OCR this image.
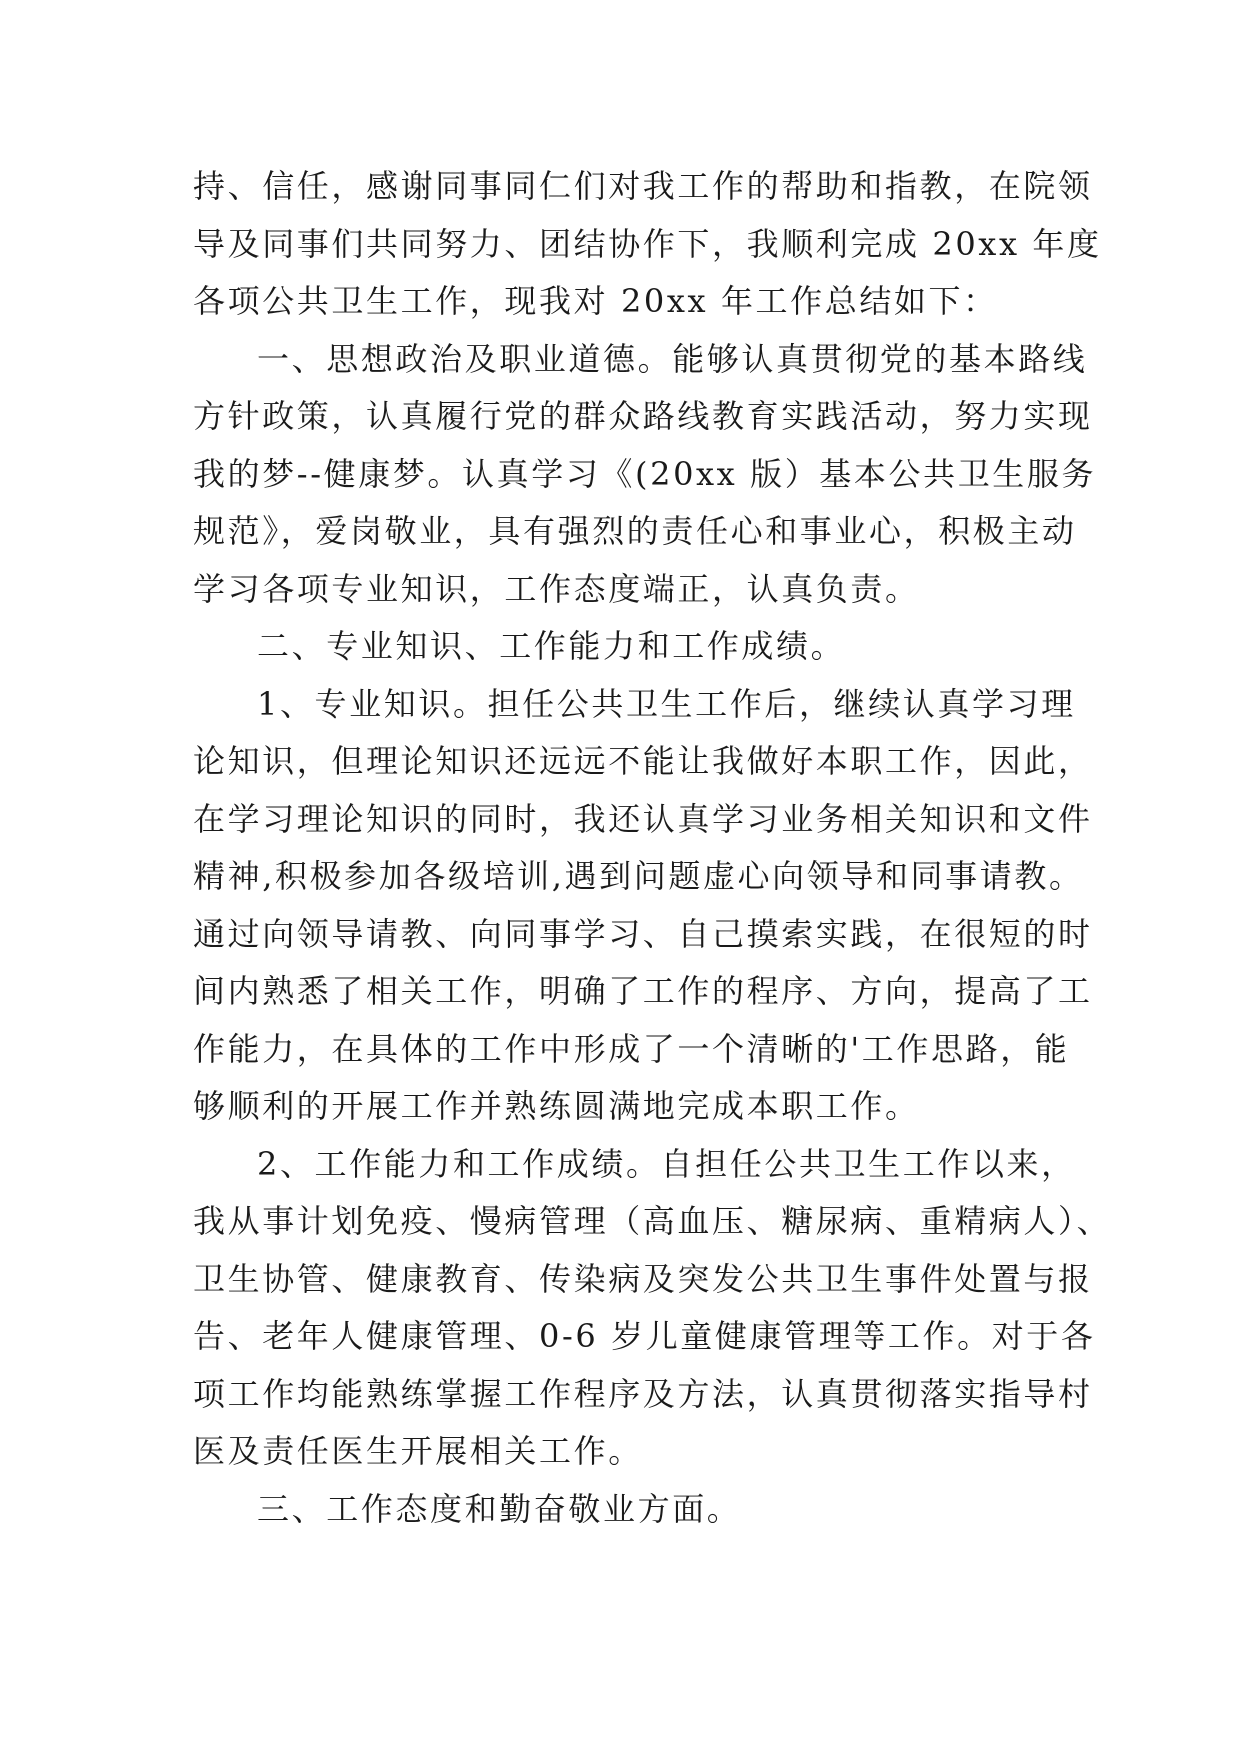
持、信任，感谢同事同仁们对我工作的帮助和指教，在院领
导及同事们共同努力、团结协作下，我顺利完成 20xx 年度
各项公共卫生工作，现我对 20xx 年工作总结如下：
一、思想政治及职业道德。能够认真贯彻党的基本路线
方针政策，认真履行党的群众路线教育实践活动，努力实现
我的梦--健康梦。认真学习《(20xx 版）基本公共卫生服务
规范》，爱岗敬业，具有强烈的责任心和事业心，积极主动
学习各项专业知识，工作态度端正，认真负责。
二、专业知识、工作能力和工作成绩。
1、专业知识。担任公共卫生工作后，继续认真学习理
论知识，但理论知识还远远不能让我做好本职工作，因此，
在学习理论知识的同时，我还认真学习业务相关知识和文件
精神,积极参加各级培训,遇到问题虚心向领导和同事请教。
通过向领导请教、向同事学习、自己摸索实践，在很短的时
间内熟悉了相关工作，明确了工作的程序、方向，提高了工
作能力，在具体的工作中形成了一个清晰的'工作思路，能
够顺利的开展工作并熟练圆满地完成本职工作。
2、工作能力和工作成绩。自担任公共卫生工作以来，
我从事计划免疫、慢病管理（高血压、糖尿病、重精病人）、
卫生协管、健康教育、传染病及突发公共卫生事件处置与报
告、老年人健康管理、0-6 岁儿童健康管理等工作。对于各
项工作均能熟练掌握工作程序及方法，认真贯彻落实指导村
医及责任医生开展相关工作。
三、工作态度和勤奋敬业方面。
